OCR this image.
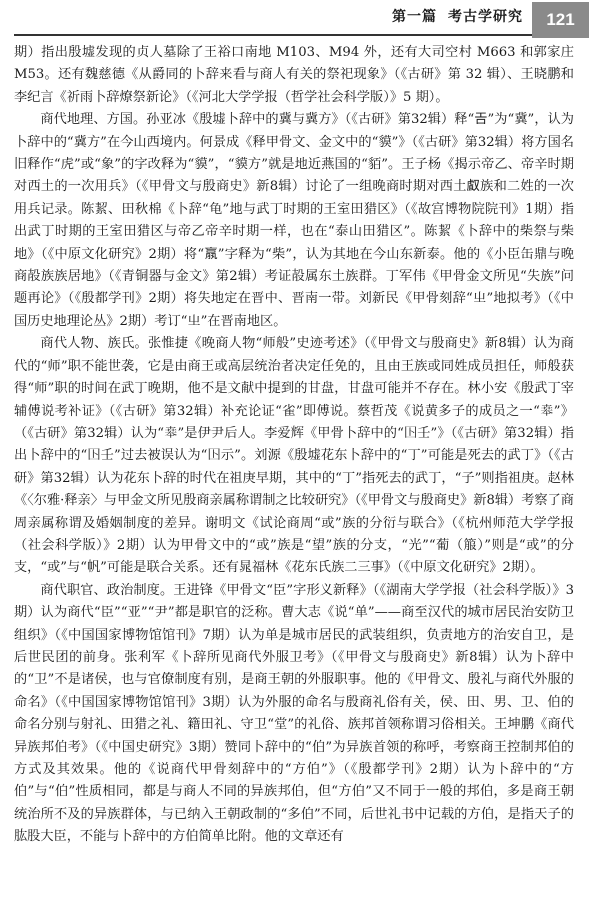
第一篇 考古学研究 121

期）指出殷墟发现的贞人墓除了王裕口南地 M103、M94 外，还有大司空村 M663 和郭家庄 M53。还有魏慈德《从爵同的卜辞来看与商人有关的祭祀现象》（《古研》第 32 辑）、王晓鹏和李纪言《祈雨卜辞燎祭新论》（《河北大学学报（哲学社会科学版）》5 期）。

商代地理、方国。孙亚冰《殷墟卜辞中的冀与冀方》（《古研》第32辑）释“𢀛”为“冀”，认为卜辞中的“冀方”在今山西境内。何景成《释甲骨文、金文中的“貘”》（《古研》第32辑）将方国名旧释作“虎”或“象”的字改释为“貘”，“貘方”就是地近燕国的“貊”。王子杨《揭示帝乙、帝辛时期对西土的一次用兵》（《甲骨文与殷商史》新8辑）讨论了一组晚商时期对西土𠭯族和二姓的一次用兵记录。陈絜、田秋棉《卜辞“龟”地与武丁时期的王室田猎区》（《故宫博物院院刊》1期）指出武丁时期的王室田猎区与帝乙帝辛时期一样，也在“泰山田猎区”。陈絜《卜辞中的柴祭与柴地》（《中原文化研究》2期）将“𣎆”字释为“柴”，认为其地在今山东新泰。他的《小臣缶鼎与晚商㱿族族居地》（《青铜器与金文》第2辑）考证㱿属东土族群。丁军伟《甲骨金文所见“失族”问题再论》（《殷都学刊》2期）将失地定在晋中、晋南一带。刘新民《甲骨刻辞“㞢”地拟考》（《中国历史地理论丛》2期）考订“㞢”在晋南地区。

商代人物、族氏。张惟捷《晚商人物“师般”史迹考述》（《甲骨文与殷商史》新8辑）认为商代的“师”职不能世袭，它是由商王或高层统治者决定任免的，且由王族或同姓成员担任，师般获得“师”职的时间在武丁晚期，他不是文献中提到的甘盘，甘盘可能并不存在。林小安《殷武丁宰辅傅说考补证》（《古研》第32辑）补充论证“雀”即傅说。蔡哲茂《说黄多子的成员之一“𠦪”》（《古研》第32辑）认为“𠦪”是伊尹后人。李爱辉《甲骨卜辞中的“𡆥壬”》（《古研》第32辑）指出卜辞中的“𡆥壬”过去被误认为“𡆥示”。刘源《殷墟花东卜辞中的“丁”可能是死去的武丁》（《古研》第32辑）认为花东卜辞的时代在祖庚早期，其中的“丁”指死去的武丁，“子”则指祖庚。赵林《〈尔雅·释亲〉与甲金文所见殷商亲属称谓制之比较研究》（《甲骨文与殷商史》新8辑）考察了商周亲属称谓及婚姻制度的差异。谢明文《试论商周“或”族的分衍与联合》（《杭州师范大学学报（社会科学版）》2期）认为甲骨文中的“或”族是“望”族的分支，“光”“葡（箙）”则是“或”的分支，“或”与“帆”可能是联合关系。还有晁福林《花东氏族二三事》（《中原文化研究》2期）。

商代职官、政治制度。王进锋《甲骨文“臣”字形义新释》（《湖南大学学报（社会科学版）》3期）认为商代“臣”“亚”“尹”都是职官的泛称。曹大志《说“单”——商至汉代的城市居民治安防卫组织》（《中国国家博物馆馆刊》7期）认为单是城市居民的武装组织，负责地方的治安自卫，是后世民团的前身。张利军《卜辞所见商代外服卫考》（《甲骨文与殷商史》新8辑）认为卜辞中的“卫”不是诸侯，也与官僚制度有别，是商王朝的外服职事。他的《甲骨文、殷礼与商代外服的命名》（《中国国家博物馆馆刊》3期）认为外服的命名与殷商礼俗有关，侯、田、男、卫、伯的命名分别与射礼、田猎之礼、籍田礼、守卫“堂”的礼俗、族邦首领称谓习俗相关。王坤鹏《商代异族邦伯考》（《中国史研究》3期）赞同卜辞中的“伯”为异族首领的称呼，考察商王控制邦伯的方式及其效果。他的《说商代甲骨刻辞中的“方伯”》（《殷都学刊》2期）认为卜辞中的“方伯”与“伯”性质相同，都是与商人不同的异族邦伯，但“方伯”又不同于一般的邦伯，多是商王朝统治所不及的异族群体，与已纳入王朝政制的“多伯”不同，后世礼书中记载的方伯，是指天子的肱股大臣，不能与卜辞中的方伯简单比附。他的文章还有
